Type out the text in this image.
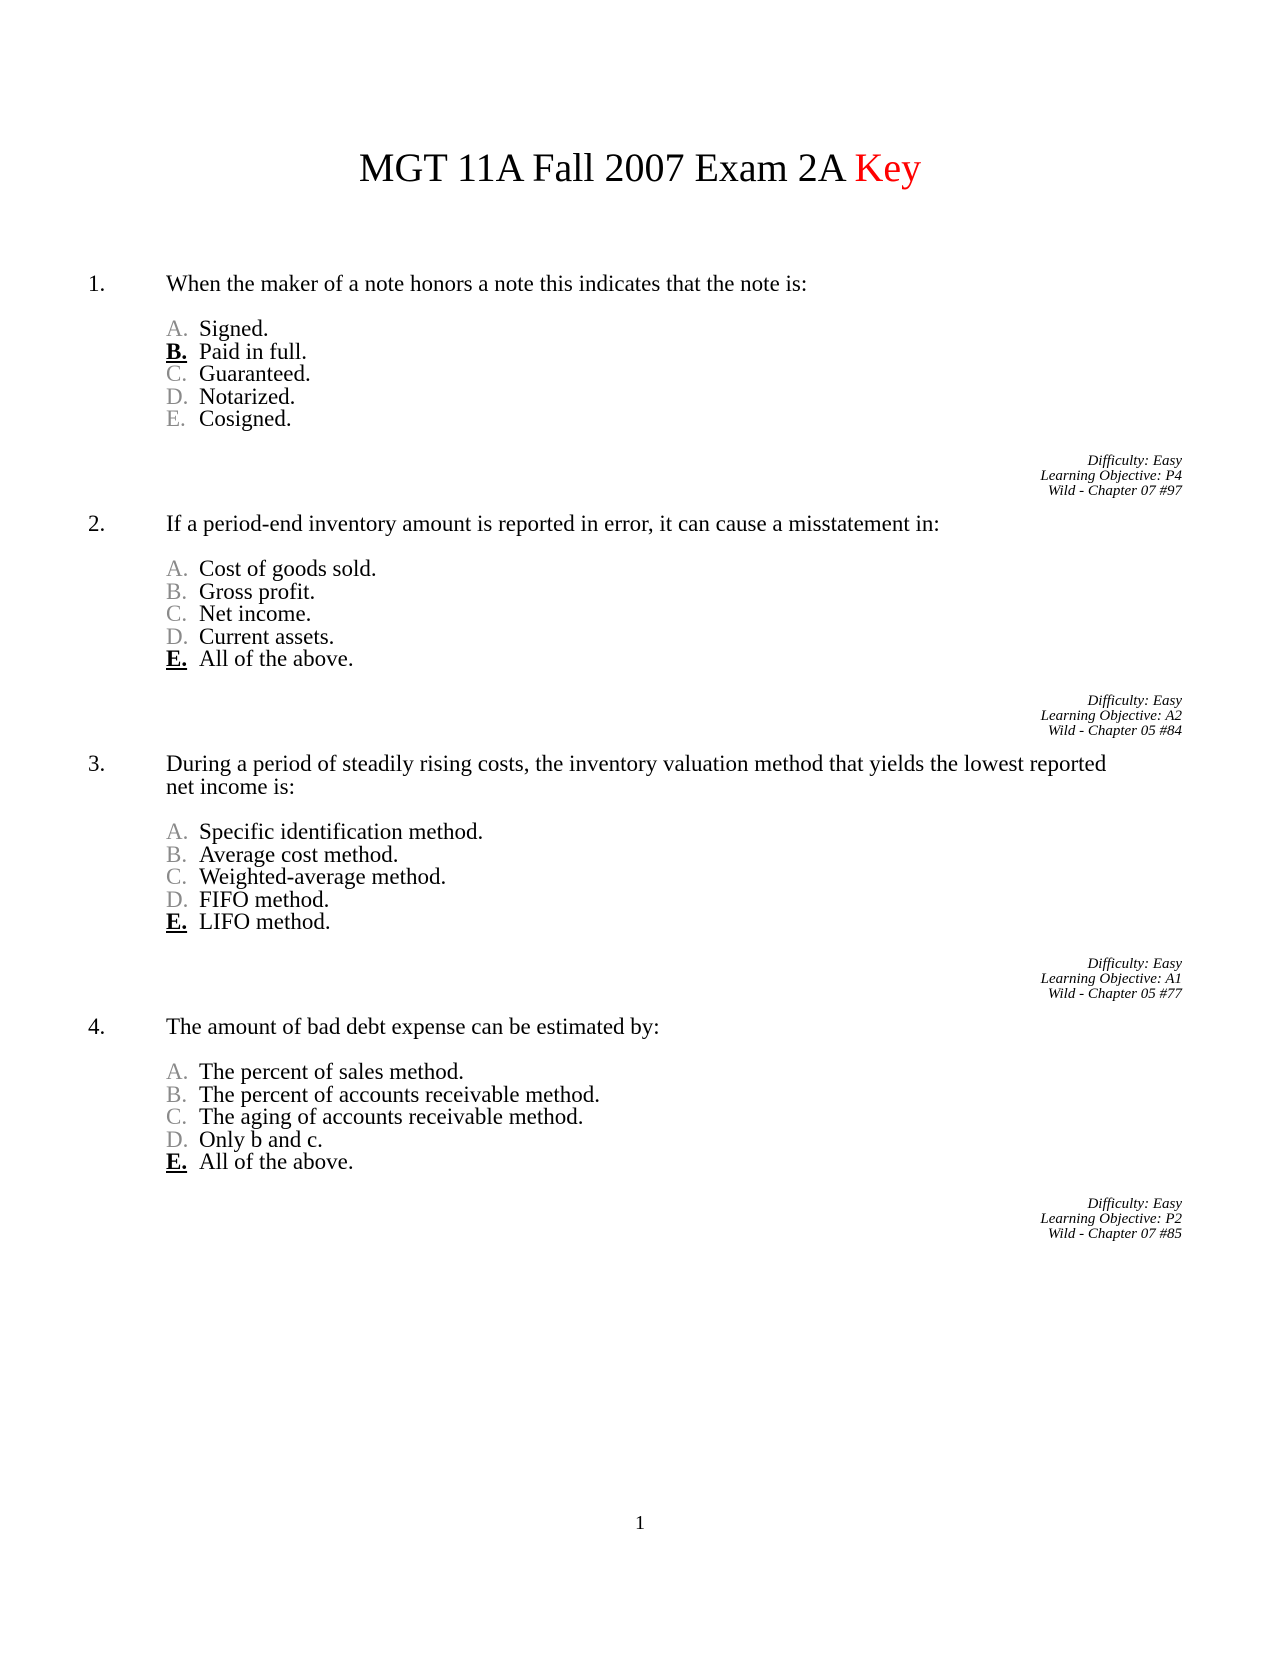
MGT 11A Fall 2007 Exam 2A Key
1.	When the maker of a note honors a note this indicates that the note is:
A. Signed.
B. Paid in full.
C. Guaranteed.
D. Notarized.
E. Cosigned.
Difficulty: Easy
Learning Objective: P4
Wild - Chapter 07 #97
2.	If a period-end inventory amount is reported in error, it can cause a misstatement in:
A. Cost of goods sold.
B. Gross profit.
C. Net income.
D. Current assets.
E. All of the above.
Difficulty: Easy
Learning Objective: A2
Wild - Chapter 05 #84
3.	During a period of steadily rising costs, the inventory valuation method that yields the lowest reported net income is:
A. Specific identification method.
B. Average cost method.
C. Weighted-average method.
D. FIFO method.
E. LIFO method.
Difficulty: Easy
Learning Objective: A1
Wild - Chapter 05 #77
4.	The amount of bad debt expense can be estimated by:
A. The percent of sales method.
B. The percent of accounts receivable method.
C. The aging of accounts receivable method.
D. Only b and c.
E. All of the above.
Difficulty: Easy
Learning Objective: P2
Wild - Chapter 07 #85
1
